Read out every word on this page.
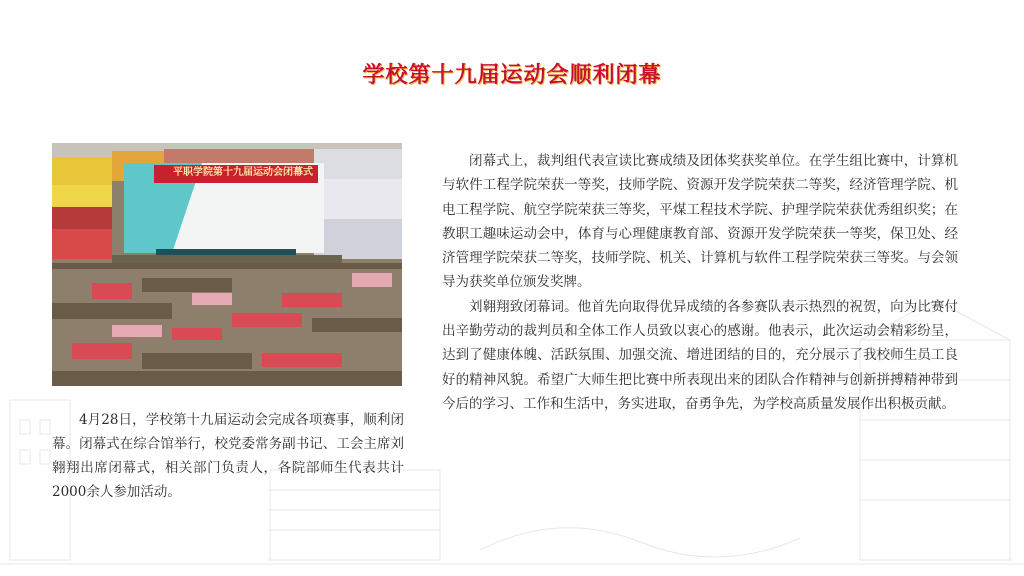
学校第十九届运动会顺利闭幕
平职学院第十九届运动会闭幕式

4月28日，学校第十九届运动会完成各项赛事，顺利闭幕。闭幕式在综合馆举行，校党委常务副书记、工会主席刘翱翔出席闭幕式，相关部门负责人，各院部师生代表共计2000余人参加活动。

闭幕式上，裁判组代表宣读比赛成绩及团体奖获奖单位。在学生组比赛中，计算机与软件工程学院荣获一等奖，技师学院、资源开发学院荣获二等奖，经济管理学院、机电工程学院、航空学院荣获三等奖，平煤工程技术学院、护理学院荣获优秀组织奖；在教职工趣味运动会中，体育与心理健康教育部、资源开发学院荣获一等奖，保卫处、经济管理学院荣获二等奖，技师学院、机关、计算机与软件工程学院荣获三等奖。与会领导为获奖单位颁发奖牌。

刘翱翔致闭幕词。他首先向取得优异成绩的各参赛队表示热烈的祝贺，向为比赛付出辛勤劳动的裁判员和全体工作人员致以衷心的感谢。他表示，此次运动会精彩纷呈，达到了健康体魄、活跃氛围、加强交流、增进团结的目的，充分展示了我校师生员工良好的精神风貌。希望广大师生把比赛中所表现出来的团队合作精神与创新拼搏精神带到今后的学习、工作和生活中，务实进取，奋勇争先，为学校高质量发展作出积极贡献。
